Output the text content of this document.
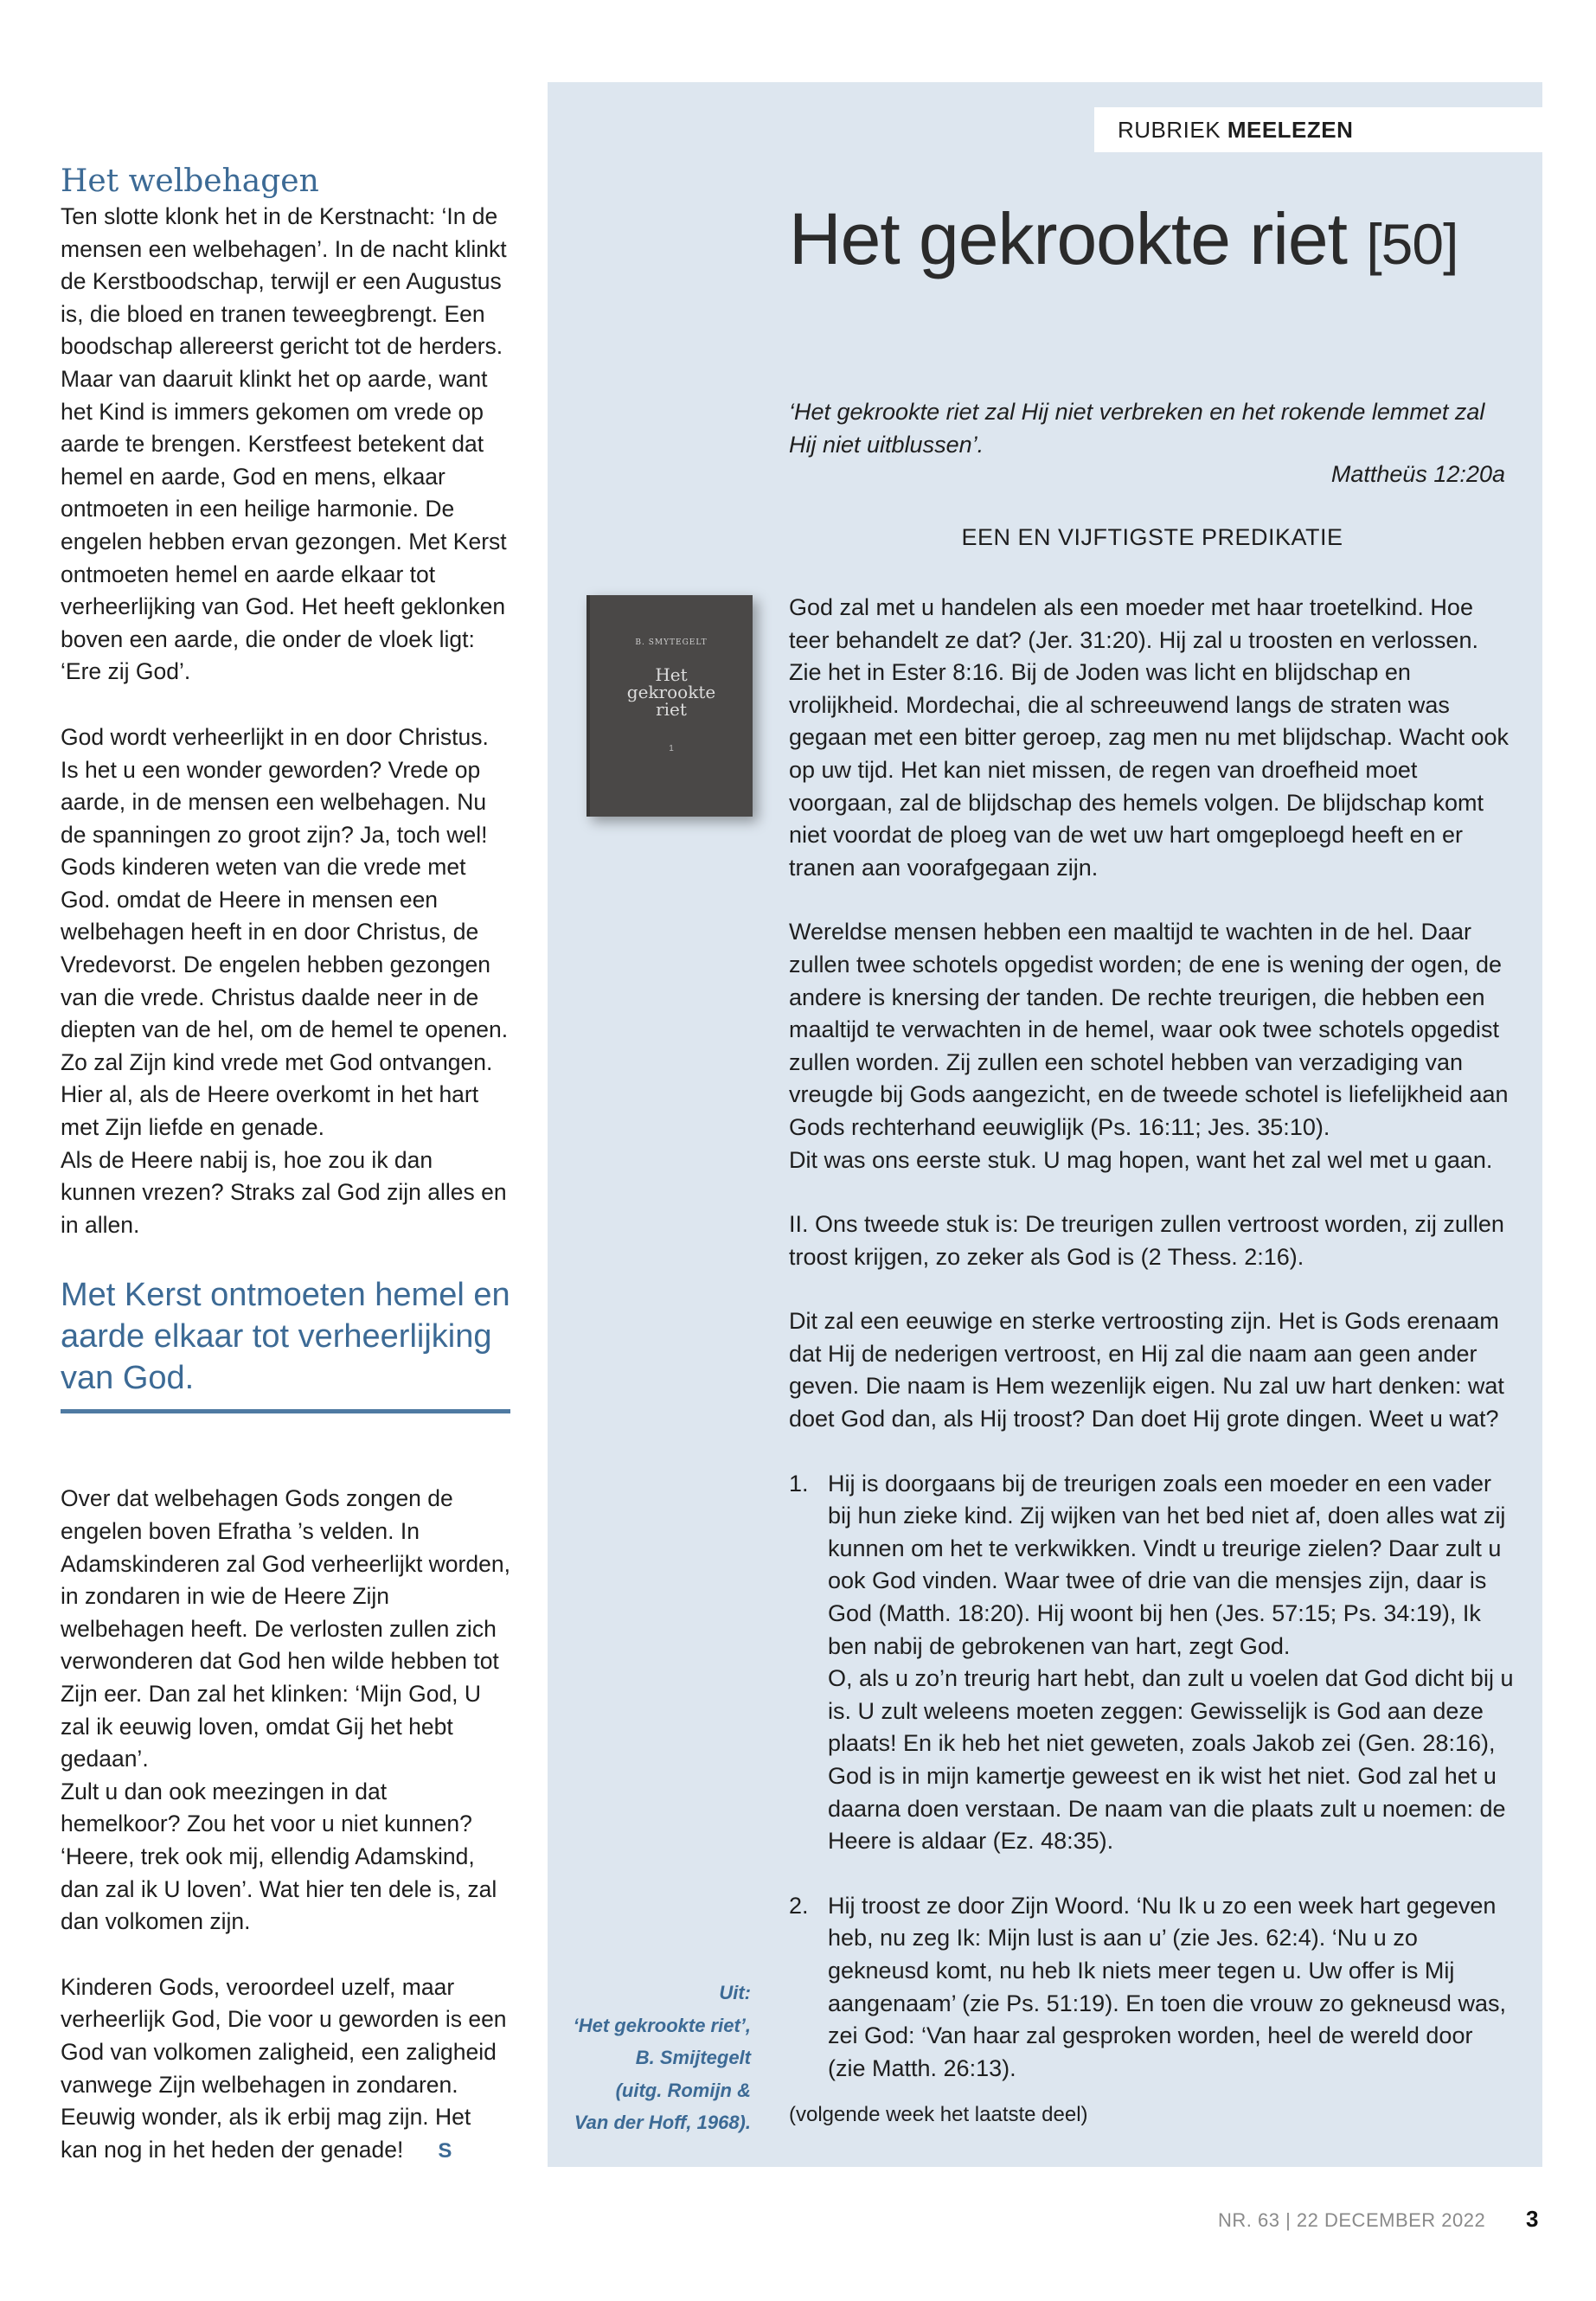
Het welbehagen

Ten slotte klonk het in de Kerstnacht: ‘In de mensen een welbehagen’. In de nacht klinkt de Kerstboodschap, terwijl er een Augustus is, die bloed en tranen teweegbrengt. Een boodschap allereerst gericht tot de herders. Maar van daaruit klinkt het op aarde, want het Kind is immers gekomen om vrede op aarde te brengen. Kerstfeest betekent dat hemel en aarde, God en mens, elkaar ontmoeten in een heilige harmonie. De engelen hebben ervan gezongen. Met Kerst ontmoeten hemel en aarde elkaar tot verheerlijking van God. Het heeft geklonken boven een aarde, die onder de vloek ligt: ‘Ere zij God’.

God wordt verheerlijkt in en door Christus. Is het u een wonder geworden? Vrede op aarde, in de mensen een welbehagen. Nu de spanningen zo groot zijn? Ja, toch wel! Gods kinderen weten van die vrede met God. omdat de Heere in mensen een welbehagen heeft in en door Christus, de Vredevorst. De engelen hebben gezongen van die vrede. Christus daalde neer in de diepten van de hel, om de hemel te openen. Zo zal Zijn kind vrede met God ontvangen. Hier al, als de Heere overkomt in het hart met Zijn liefde en genade.

Als de Heere nabij is, hoe zou ik dan kunnen vrezen? Straks zal God zijn alles en in allen.

Met Kerst ontmoeten hemel en aarde elkaar tot verheerlijking van God.

Over dat welbehagen Gods zongen de engelen boven Efratha ’s velden. In Adamskinderen zal God verheerlijkt worden, in zondaren in wie de Heere Zijn welbehagen heeft. De verlosten zullen zich verwonderen dat God hen wilde hebben tot Zijn eer. Dan zal het klinken: ‘Mijn God, U zal ik eeuwig loven, omdat Gij het hebt gedaan’.

Zult u dan ook meezingen in dat hemelkoor? Zou het voor u niet kunnen? ‘Heere, trek ook mij, ellendig Adamskind, dan zal ik U loven’. Wat hier ten dele is, zal dan volkomen zijn.

Kinderen Gods, veroordeel uzelf, maar verheerlijk God, Die voor u geworden is een God van volkomen zaligheid, een zaligheid vanwege Zijn welbehagen in zondaren. Eeuwig wonder, als ik erbij mag zijn. Het kan nog in het heden der genade! S

RUBRIEK MEELEZEN
Het gekrookte riet [50]
‘Het gekrookte riet zal Hij niet verbreken en het rokende lemmet zal Hij niet uitblussen’.
Mattheüs 12:20a
EEN EN VIJFTIGSTE PREDIKATIE
B. SMYTEGELT
Het
gekrookte
riet
1

God zal met u handelen als een moeder met haar troetelkind. Hoe teer behandelt ze dat? (Jer. 31:20). Hij zal u troosten en verlossen. Zie het in Ester 8:16. Bij de Joden was licht en blijdschap en vrolijkheid. Mordechai, die al schreeuwend langs de straten was gegaan met een bitter geroep, zag men nu met blijdschap. Wacht ook op uw tijd. Het kan niet missen, de regen van droefheid moet voorgaan, zal de blijdschap des hemels volgen. De blijdschap komt niet voordat de ploeg van de wet uw hart omgeploegd heeft en er tranen aan voorafgegaan zijn.

Wereldse mensen hebben een maaltijd te wachten in de hel. Daar zullen twee schotels opgedist worden; de ene is wening der ogen, de andere is knersing der tanden. De rechte treurigen, die hebben een maaltijd te verwachten in de hemel, waar ook twee schotels opgedist zullen worden. Zij zullen een schotel hebben van verzadiging van vreugde bij Gods aangezicht, en de tweede schotel is liefelijkheid aan Gods rechterhand eeuwiglijk (Ps. 16:11; Jes. 35:10).

Dit was ons eerste stuk. U mag hopen, want het zal wel met u gaan.

II. Ons tweede stuk is: De treurigen zullen vertroost worden, zij zullen troost krijgen, zo zeker als God is (2 Thess. 2:16).

Dit zal een eeuwige en sterke vertroosting zijn. Het is Gods erenaam dat Hij de nederigen vertroost, en Hij zal die naam aan geen ander geven. Die naam is Hem wezenlijk eigen. Nu zal uw hart denken: wat doet God dan, als Hij troost? Dan doet Hij grote dingen. Weet u wat?

1. Hij is doorgaans bij de treurigen zoals een moeder en een vader bij hun zieke kind. Zij wijken van het bed niet af, doen alles wat zij kunnen om het te verkwikken. Vindt u treurige zielen? Daar zult u ook God vinden. Waar twee of drie van die mensjes zijn, daar is God (Matth. 18:20). Hij woont bij hen (Jes. 57:15; Ps. 34:19), Ik ben nabij de gebrokenen van hart, zegt God.
O, als u zo’n treurig hart hebt, dan zult u voelen dat God dicht bij u is. U zult weleens moeten zeggen: Gewisselijk is God aan deze plaats! En ik heb het niet geweten, zoals Jakob zei (Gen. 28:16), God is in mijn kamertje geweest en ik wist het niet. God zal het u daarna doen verstaan. De naam van die plaats zult u noemen: de Heere is aldaar (Ez. 48:35).
2. Hij troost ze door Zijn Woord. ‘Nu Ik u zo een week hart gegeven heb, nu zeg Ik: Mijn lust is aan u’ (zie Jes. 62:4). ‘Nu u zo gekneusd komt, nu heb Ik niets meer tegen u. Uw offer is Mij aangenaam’ (zie Ps. 51:19). En toen die vrouw zo gekneusd was, zei God: ‘Van haar zal gesproken worden, heel de wereld door (zie Matth. 26:13).
(volgende week het laatste deel)
Uit:
‘Het gekrookte riet’,
B. Smijtegelt
(uitg. Romijn &
Van der Hoff, 1968).
NR. 63 | 22 DECEMBER 2022 3
